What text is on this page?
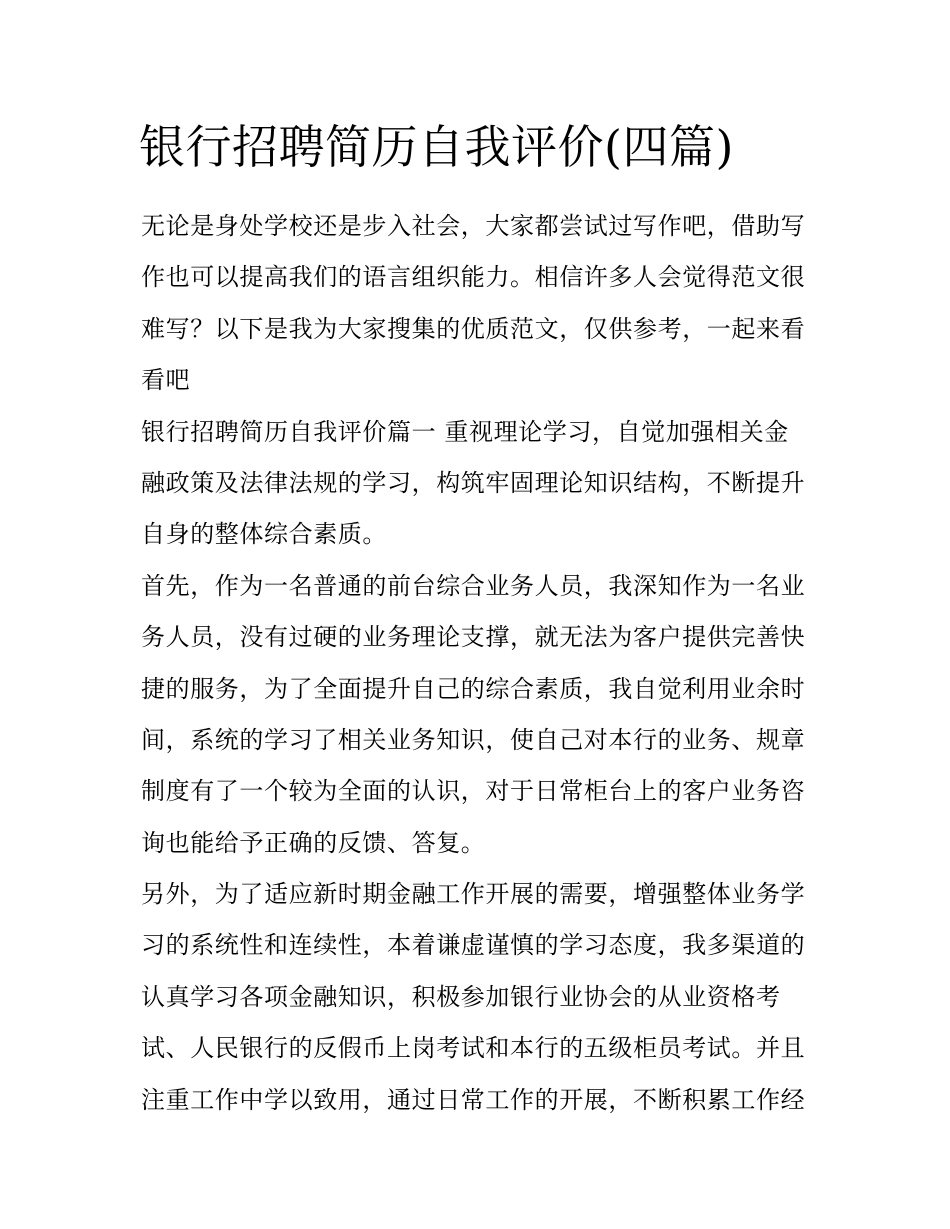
银行招聘简历自我评价(四篇)
无论是身处学校还是步入社会，大家都尝试过写作吧，借助写
作也可以提高我们的语言组织能力。相信许多人会觉得范文很
难写？以下是我为大家搜集的优质范文，仅供参考，一起来看
看吧
银行招聘简历自我评价篇一 重视理论学习，自觉加强相关金
融政策及法律法规的学习，构筑牢固理论知识结构，不断提升
自身的整体综合素质。
首先，作为一名普通的前台综合业务人员，我深知作为一名业
务人员，没有过硬的业务理论支撑，就无法为客户提供完善快
捷的服务，为了全面提升自己的综合素质，我自觉利用业余时
间，系统的学习了相关业务知识，使自己对本行的业务、规章
制度有了一个较为全面的认识，对于日常柜台上的客户业务咨
询也能给予正确的反馈、答复。
另外，为了适应新时期金融工作开展的需要，增强整体业务学
习的系统性和连续性，本着谦虚谨慎的学习态度，我多渠道的
认真学习各项金融知识，积极参加银行业协会的从业资格考
试、人民银行的反假币上岗考试和本行的五级柜员考试。并且
注重工作中学以致用，通过日常工作的开展，不断积累工作经
